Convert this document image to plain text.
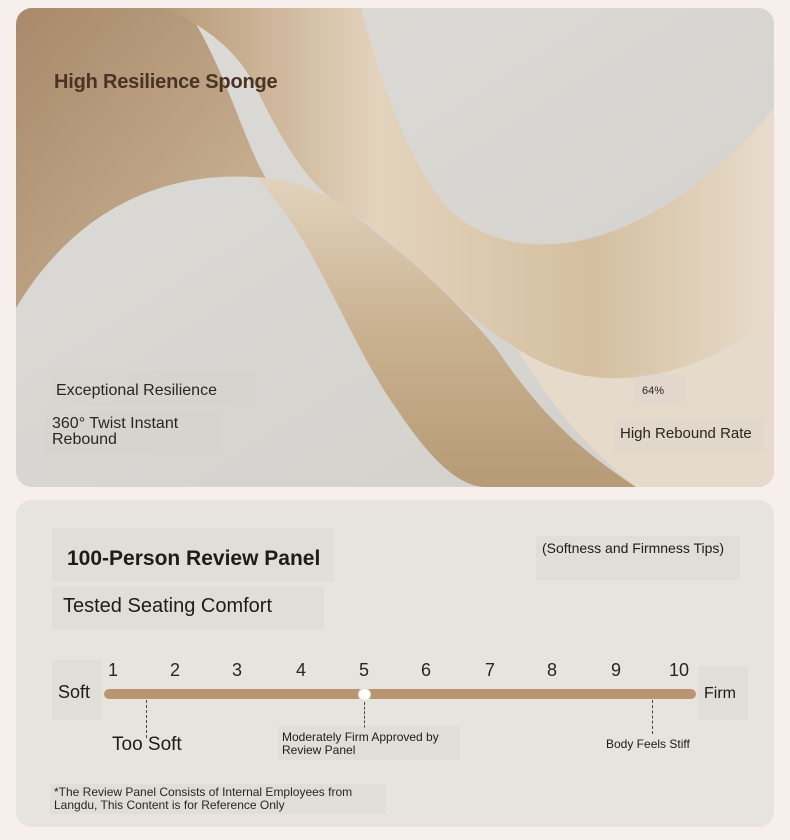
High Resilience Sponge
Exceptional Resilience
360° Twist Instant Rebound
64%
High Rebound Rate
100-Person Review Panel
Tested Seating Comfort
(Softness and Firmness Tips)
Soft	Firm
1	2	3	4	5	6	7	8	9	10
Too Soft	Moderately Firm Approved by Review Panel	Body Feels Stiff
*The Review Panel Consists of Internal Employees from Langdu, This Content is for Reference Only
